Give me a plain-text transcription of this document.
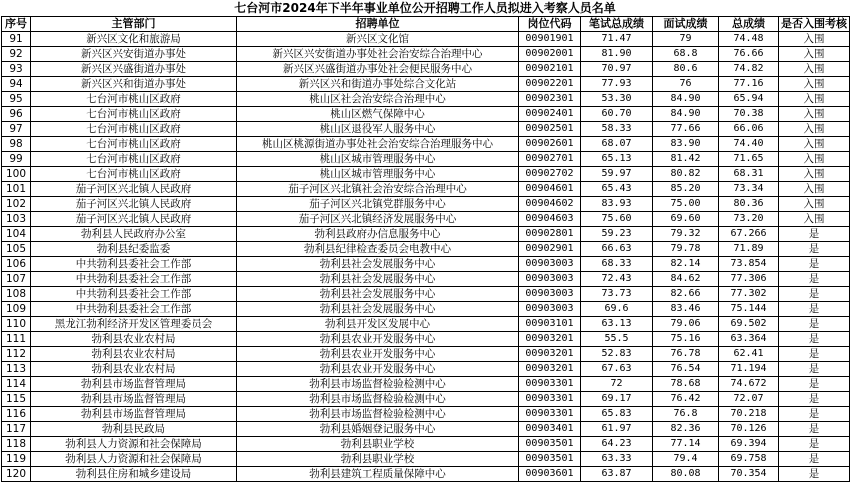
七台河市2024年下半年事业单位公开招聘工作人员拟进入考察人员名单
序号	主管部门	招聘单位	岗位代码	笔试总成绩	面试成绩	总成绩	是否入围考核
91	新兴区文化和旅游局	新兴区文化馆	00901901	71.47	79	74.48	入围
92	新兴区兴安街道办事处	新兴区兴安街道办事处社会治安综合治理中心	00902001	81.90	68.8	76.66	入围
93	新兴区兴盛街道办事处	新兴区兴盛街道办事处社会便民服务中心	00902101	70.97	80.6	74.82	入围
94	新兴区兴和街道办事处	新兴区兴和街道办事处综合文化站	00902201	77.93	76	77.16	入围
95	七台河市桃山区政府	桃山区社会治安综合治理中心	00902301	53.30	84.90	65.94	入围
96	七台河市桃山区政府	桃山区燃气保障中心	00902401	60.70	84.90	70.38	入围
97	七台河市桃山区政府	桃山区退役军人服务中心	00902501	58.33	77.66	66.06	入围
98	七台河市桃山区政府	桃山区桃源街道办事处社会治安综合治理服务中心	00902601	68.07	83.90	74.40	入围
99	七台河市桃山区政府	桃山区城市管理服务中心	00902701	65.13	81.42	71.65	入围
100	七台河市桃山区政府	桃山区城市管理服务中心	00902702	59.97	80.82	68.31	入围
101	茄子河区兴北镇人民政府	茄子河区兴北镇社会治安综合治理中心	00904601	65.43	85.20	73.34	入围
102	茄子河区兴北镇人民政府	茄子河区兴北镇党群服务中心	00904602	83.93	75.00	80.36	入围
103	茄子河区兴北镇人民政府	茄子河区兴北镇经济发展服务中心	00904603	75.60	69.60	73.20	入围
104	勃利县人民政府办公室	勃利县政府办信息服务中心	00902801	59.23	79.32	67.266	是
105	勃利县纪委监委	勃利县纪律检查委员会电教中心	00902901	66.63	79.78	71.89	是
106	中共勃利县委社会工作部	勃利县社会发展服务中心	00903003	68.33	82.14	73.854	是
107	中共勃利县委社会工作部	勃利县社会发展服务中心	00903003	72.43	84.62	77.306	是
108	中共勃利县委社会工作部	勃利县社会发展服务中心	00903003	73.73	82.66	77.302	是
109	中共勃利县委社会工作部	勃利县社会发展服务中心	00903003	69.6	83.46	75.144	是
110	黑龙江勃利经济开发区管理委员会	勃利县开发区发展中心	00903101	63.13	79.06	69.502	是
111	勃利县农业农村局	勃利县农业开发服务中心	00903201	55.5	75.16	63.364	是
112	勃利县农业农村局	勃利县农业开发服务中心	00903201	52.83	76.78	62.41	是
113	勃利县农业农村局	勃利县农业开发服务中心	00903201	67.63	76.54	71.194	是
114	勃利县市场监督管理局	勃利县市场监督检验检测中心	00903301	72	78.68	74.672	是
115	勃利县市场监督管理局	勃利县市场监督检验检测中心	00903301	69.17	76.42	72.07	是
116	勃利县市场监督管理局	勃利县市场监督检验检测中心	00903301	65.83	76.8	70.218	是
117	勃利县民政局	勃利县婚姻登记服务中心	00903401	61.97	82.36	70.126	是
118	勃利县人力资源和社会保障局	勃利县职业学校	00903501	64.23	77.14	69.394	是
119	勃利县人力资源和社会保障局	勃利县职业学校	00903501	63.33	79.4	69.758	是
120	勃利县住房和城乡建设局	勃利县建筑工程质量保障中心	00903601	63.87	80.08	70.354	是
